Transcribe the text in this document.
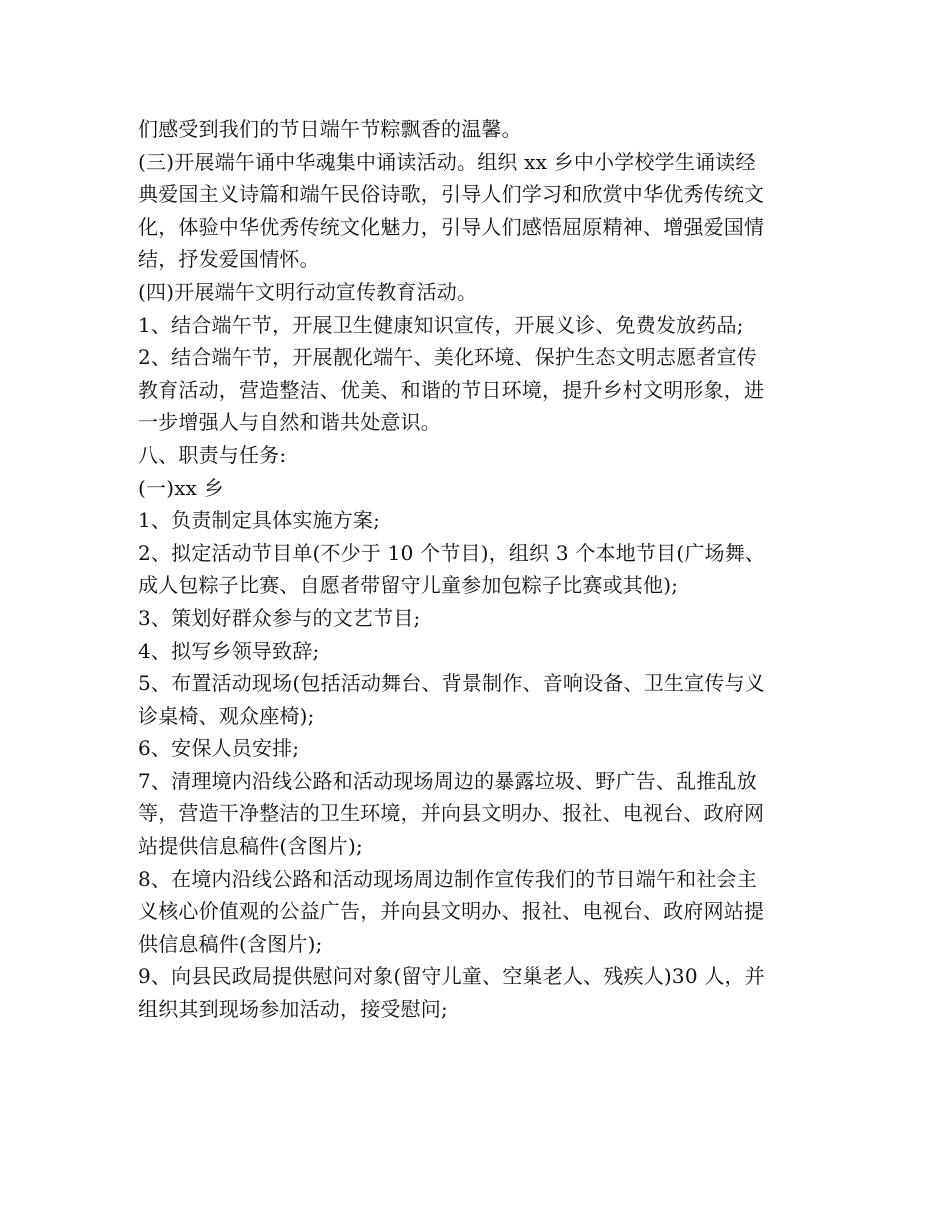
们感受到我们的节日端午节粽飘香的温馨。
(三)开展端午诵中华魂集中诵读活动。组织 xx 乡中小学校学生诵读经
典爱国主义诗篇和端午民俗诗歌，引导人们学习和欣赏中华优秀传统文
化，体验中华优秀传统文化魅力，引导人们感悟屈原精神、增强爱国情
结，抒发爱国情怀。
(四)开展端午文明行动宣传教育活动。
1、结合端午节，开展卫生健康知识宣传，开展义诊、免费发放药品;
2、结合端午节，开展靓化端午、美化环境、保护生态文明志愿者宣传
教育活动，营造整洁、优美、和谐的节日环境，提升乡村文明形象，进
一步增强人与自然和谐共处意识。
八、职责与任务:
(一)xx 乡
1、负责制定具体实施方案;
2、拟定活动节目单(不少于 10 个节目)，组织 3 个本地节目(广场舞、
成人包粽子比赛、自愿者带留守儿童参加包粽子比赛或其他);
3、策划好群众参与的文艺节目;
4、拟写乡领导致辞;
5、布置活动现场(包括活动舞台、背景制作、音响设备、卫生宣传与义
诊桌椅、观众座椅);
6、安保人员安排;
7、清理境内沿线公路和活动现场周边的暴露垃圾、野广告、乱推乱放
等，营造干净整洁的卫生环境，并向县文明办、报社、电视台、政府网
站提供信息稿件(含图片);
8、在境内沿线公路和活动现场周边制作宣传我们的节日端午和社会主
义核心价值观的公益广告，并向县文明办、报社、电视台、政府网站提
供信息稿件(含图片);
9、向县民政局提供慰问对象(留守儿童、空巢老人、残疾人)30 人，并
组织其到现场参加活动，接受慰问;
